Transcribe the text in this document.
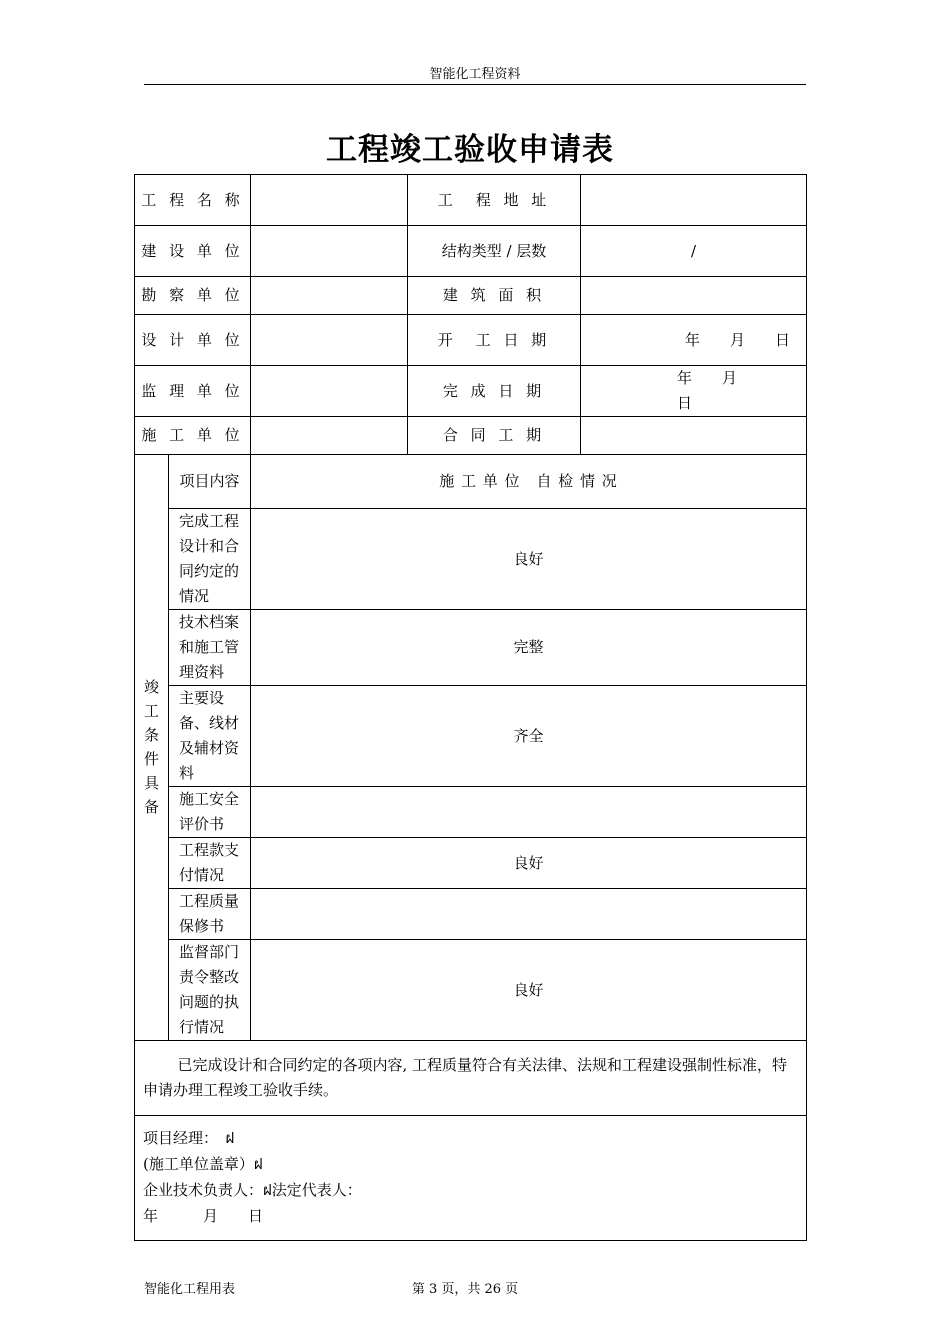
智能化工程资料
工程竣工验收申请表
工 程 名 称			工　程 地 址	
建 设 单 位			结构类型 / 层数	/
勘 察 单 位			建 筑 面 积	
设 计 单 位			开　工 日 期	年　　月　　日
监 理 单 位			完 成 日 期	年　　月　　　　日
施 工 单 位			合 同 工 期	
竣工条件具备	项目内容	施 工 单 位　自 检 情 况		
	完成工程设计和合同约定的情况	良好		
	技术档案和施工管理资料	完整		
	主要设备、线材及辅材资料	齐全		
	施工安全评价书			
	工程款支付情况	良好		
	工程质量保修书			
	监督部门责令整改问题的执行情况	良好		
已完成设计和合同约定的各项内容, 工程质量符合有关法律、法规和工程建设强制性标准，特申请办理工程竣工验收手续。				

项目经理：　ฝ
(施工单位盖章）ฝ
企业技术负责人：ฝ法定代表人：
年　　　月　　日				
智能化工程用表	第 3 页，共 26 页
